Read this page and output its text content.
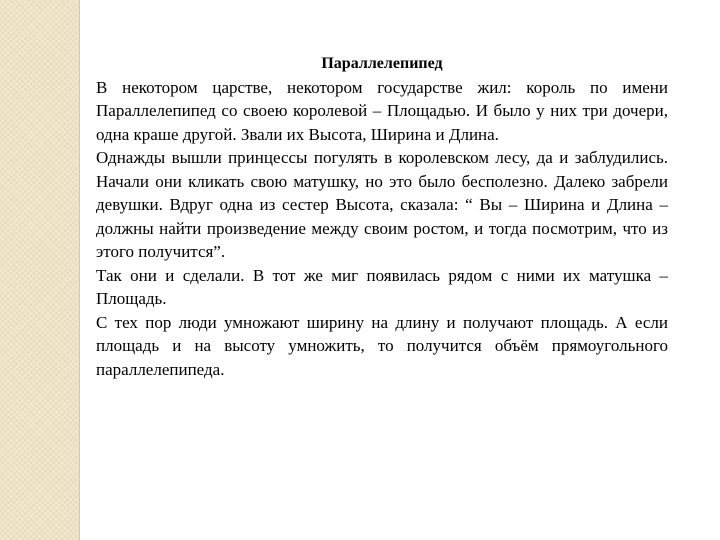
Параллелепипед

В некотором царстве, некотором государстве жил: король по имени Параллелепипед со своею королевой – Площадью. И было у них три дочери, одна краше другой. Звали их Высота, Ширина и Длина.

Однажды вышли принцессы погулять в королевском лесу, да и заблудились. Начали они кликать свою матушку, но это было бесполезно. Далеко забрели девушки. Вдруг одна из сестер Высота, сказала: “ Вы – Ширина и Длина – должны найти произведение между своим ростом, и тогда посмотрим, что из этого получится”.

Так они и сделали. В тот же миг появилась рядом с ними их матушка – Площадь.

С тех пор люди умножают ширину на длину и получают площадь. А если площадь и на высоту умножить, то получится объём прямоугольного параллелепипеда.
